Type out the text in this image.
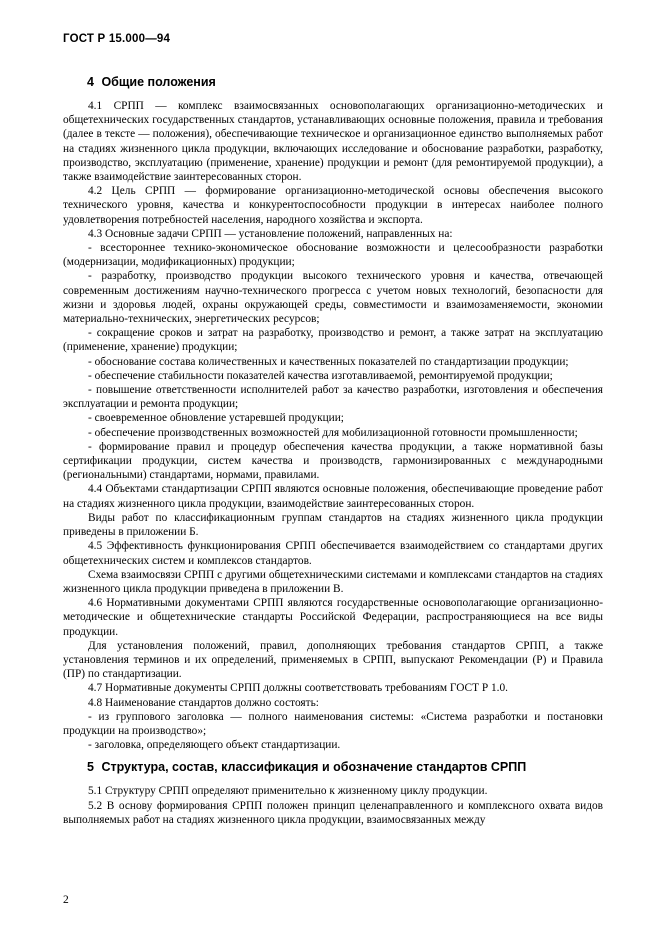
ГОСТ Р 15.000—94
4 Общие положения

4.1 СРПП — комплекс взаимосвязанных основополагающих организационно-методических и общетехнических государственных стандартов, устанавливающих основные положения, правила и требования (далее в тексте — положения), обеспечивающие техническое и организационное единство выполняемых работ на стадиях жизненного цикла продукции, включающих исследование и обоснование разработки, разработку, производство, эксплуатацию (применение, хранение) продукции и ремонт (для ремонтируемой продукции), а также взаимодействие заинтересованных сторон.

4.2 Цель СРПП — формирование организационно-методической основы обеспечения высокого технического уровня, качества и конкурентоспособности продукции в интересах наиболее полного удовлетворения потребностей населения, народного хозяйства и экспорта.

4.3 Основные задачи СРПП — установление положений, направленных на:

- всестороннее технико-экономическое обоснование возможности и целесообразности разработки (модернизации, модификационных) продукции;

- разработку, производство продукции высокого технического уровня и качества, отвечающей современным достижениям научно-технического прогресса с учетом новых технологий, безопасности для жизни и здоровья людей, охраны окружающей среды, совместимости и взаимозаменяемости, экономии материально-технических, энергетических ресурсов;

- сокращение сроков и затрат на разработку, производство и ремонт, а также затрат на эксплуатацию (применение, хранение) продукции;

- обоснование состава количественных и качественных показателей по стандартизации продукции;

- обеспечение стабильности показателей качества изготавливаемой, ремонтируемой продукции;

- повышение ответственности исполнителей работ за качество разработки, изготовления и обеспечения эксплуатации и ремонта продукции;

- своевременное обновление устаревшей продукции;

- обеспечение производственных возможностей для мобилизационной готовности промышленности;

- формирование правил и процедур обеспечения качества продукции, а также нормативной базы сертификации продукции, систем качества и производств, гармонизированных с международными (региональными) стандартами, нормами, правилами.

4.4 Объектами стандартизации СРПП являются основные положения, обеспечивающие проведение работ на стадиях жизненного цикла продукции, взаимодействие заинтересованных сторон.

Виды работ по классификационным группам стандартов на стадиях жизненного цикла продукции приведены в приложении Б.

4.5 Эффективность функционирования СРПП обеспечивается взаимодействием со стандартами других общетехнических систем и комплексов стандартов.

Схема взаимосвязи СРПП с другими общетехническими системами и комплексами стандартов на стадиях жизненного цикла продукции приведена в приложении В.

4.6 Нормативными документами СРПП являются государственные основополагающие организационно-методические и общетехнические стандарты Российской Федерации, распространяющиеся на все виды продукции.

Для установления положений, правил, дополняющих требования стандартов СРПП, а также установления терминов и их определений, применяемых в СРПП, выпускают Рекомендации (Р) и Правила (ПР) по стандартизации.

4.7 Нормативные документы СРПП должны соответствовать требованиям ГОСТ Р 1.0.

4.8 Наименование стандартов должно состоять:

- из группового заголовка — полного наименования системы: «Система разработки и постановки продукции на производство»;

- заголовка, определяющего объект стандартизации.

5 Структура, состав, классификация и обозначение стандартов СРПП

5.1 Структуру СРПП определяют применительно к жизненному циклу продукции.

5.2 В основу формирования СРПП положен принцип целенаправленного и комплексного охвата видов выполняемых работ на стадиях жизненного цикла продукции, взаимосвязанных между

2
